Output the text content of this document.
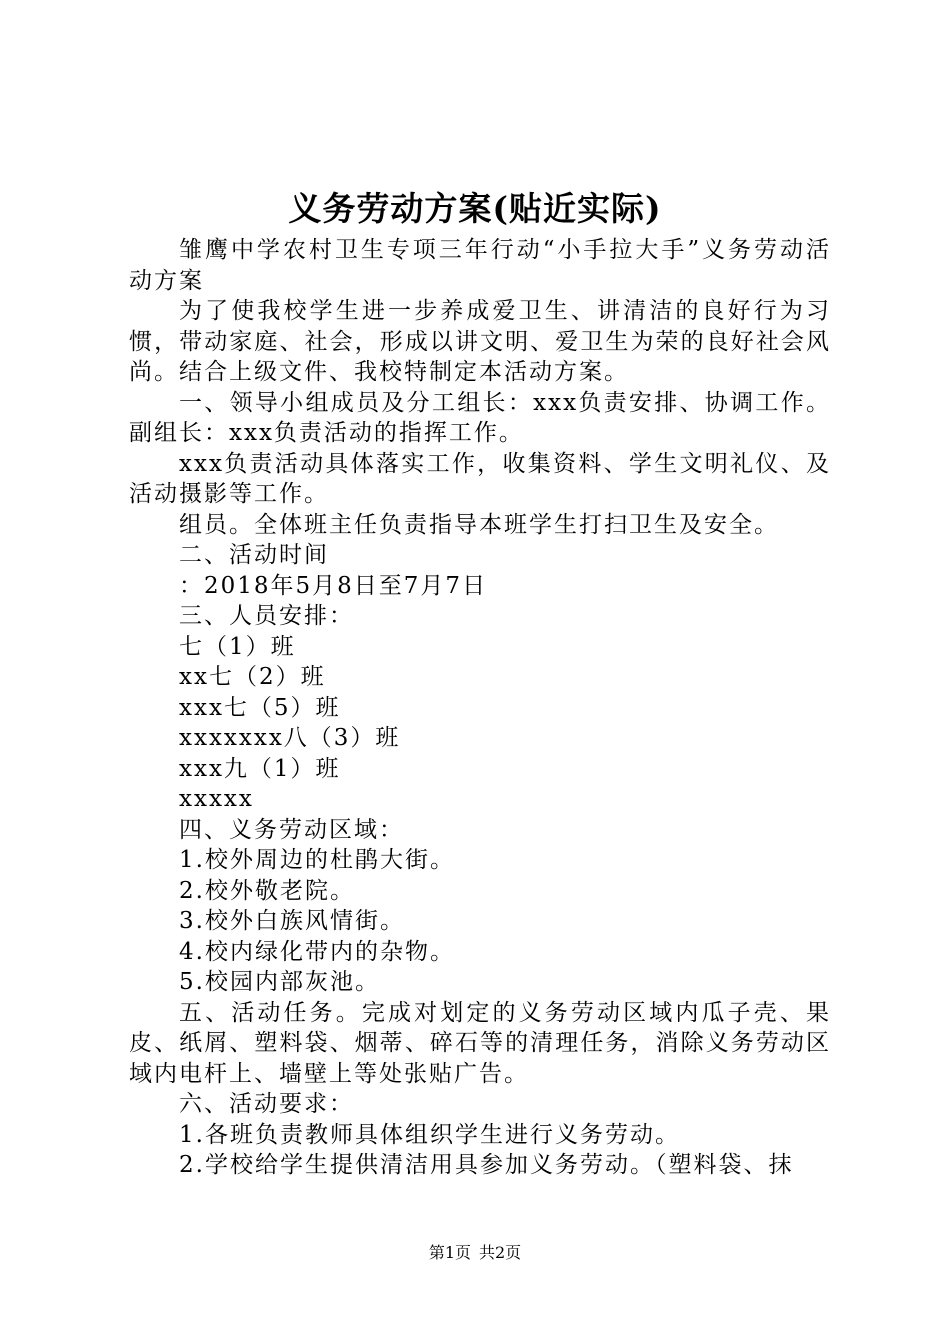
义务劳动方案(贴近实际)

雏鹰中学农村卫生专项三年行动“小手拉大手”义务劳动活动方案

为了使我校学生进一步养成爱卫生、讲清洁的良好行为习惯，带动家庭、社会，形成以讲文明、爱卫生为荣的良好社会风尚。结合上级文件、我校特制定本活动方案。

一、领导小组成员及分工组长：xxx负责安排、协调工作。副组长：xxx负责活动的指挥工作。

xxx负责活动具体落实工作，收集资料、学生文明礼仪、及活动摄影等工作。

组员。全体班主任负责指导本班学生打扫卫生及安全。

二、活动时间

：2018年5月8日至7月7日

三、人员安排：

七（1）班

xx七（2）班

xxx七（5）班

xxxxxxx八（3）班

xxx九（1）班

xxxxx

四、义务劳动区域：

1.校外周边的杜鹃大街。

2.校外敬老院。

3.校外白族风情街。

4.校内绿化带内的杂物。

5.校园内部灰池。

五、活动任务。完成对划定的义务劳动区域内瓜子壳、果皮、纸屑、塑料袋、烟蒂、碎石等的清理任务，消除义务劳动区域内电杆上、墙壁上等处张贴广告。

六、活动要求：

1.各班负责教师具体组织学生进行义务劳动。

2.学校给学生提供清洁用具参加义务劳动。（塑料袋、抹

第1页 共2页
